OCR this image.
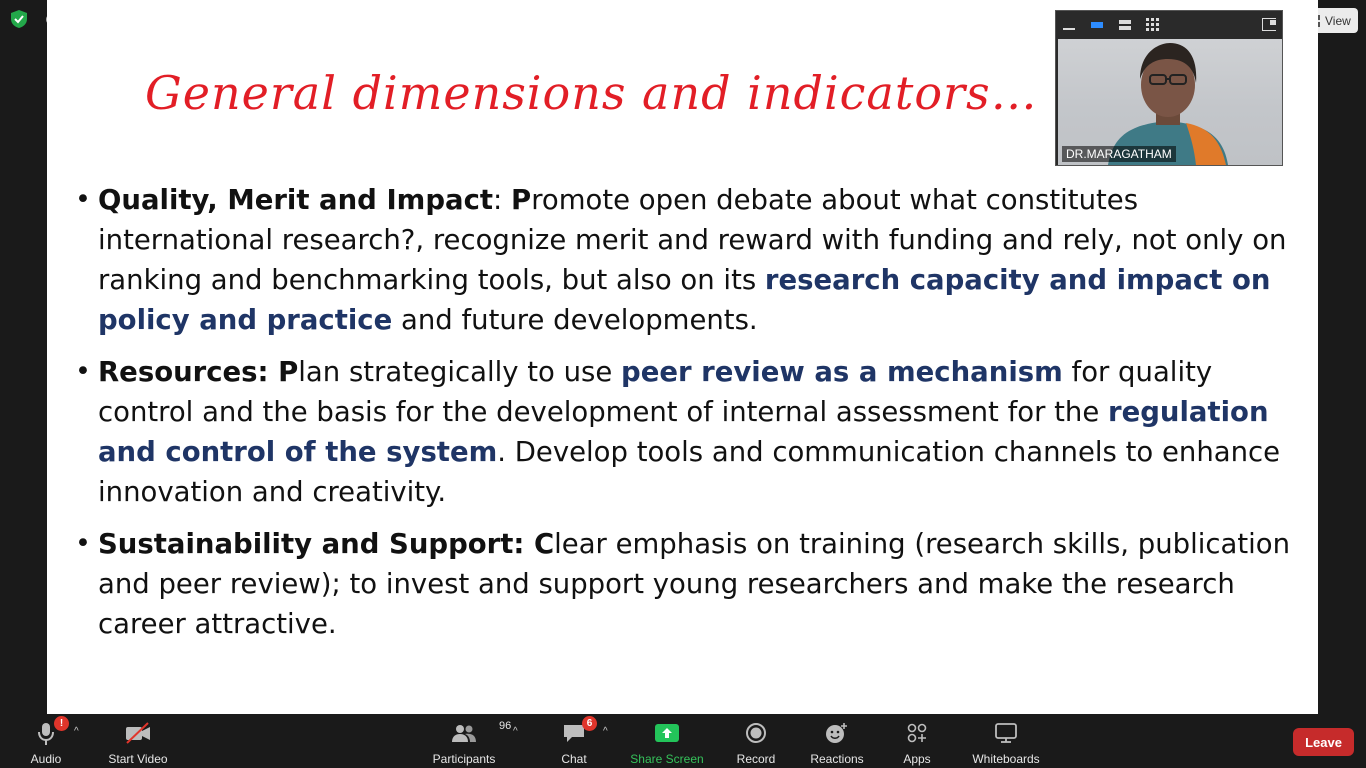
View
General dimensions and indicators…
• Quality, Merit and Impact: Promote open debate about what constitutes international research?, recognize merit and reward with funding and rely, not only on ranking and benchmarking tools, but also on its research capacity and impact on policy and practice and future developments.
• Resources: Plan strategically to use peer review as a mechanism for quality control and the basis for the development of internal assessment for the regulation and control of the system. Develop tools and communication channels to enhance innovation and creativity.
• Sustainability and Support: Clear emphasis on training (research skills, publication and peer review); to invest and support young researchers and make the research career attractive.
DR.MARAGATHAM
!
Audio
^
Start Video
96
Participants
^
6
Chat
^
Share Screen	Record	Reactions	Apps	Whiteboards
Leave
